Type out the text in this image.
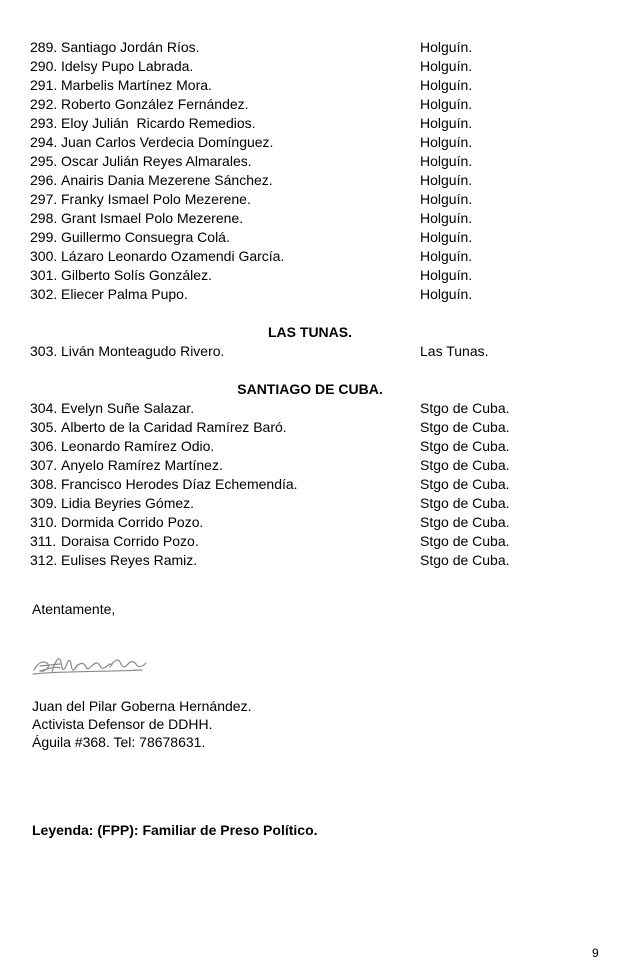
289. Santiago Jordán Ríos.	Holguín.
290. Idelsy Pupo Labrada.	Holguín.
291. Marbelis Martínez Mora.	Holguín.
292. Roberto González Fernández.	Holguín.
293. Eloy Julián  Ricardo Remedios.	Holguín.
294. Juan Carlos Verdecia Domínguez.	Holguín.
295. Oscar Julián Reyes Almarales.	Holguín.
296. Anairis Dania Mezerene Sánchez.	Holguín.
297. Franky Ismael Polo Mezerene.	Holguín.
298. Grant Ismael Polo Mezerene.	Holguín.
299. Guillermo Consuegra Colá.	Holguín.
300. Lázaro Leonardo Ozamendi García.	Holguín.
301. Gilberto Solís González.	Holguín.
302. Eliecer Palma Pupo.	Holguín.
LAS TUNAS.
303. Liván Monteagudo Rivero.	Las Tunas.
SANTIAGO DE CUBA.
304. Evelyn Suñe Salazar.	Stgo de Cuba.
305. Alberto de la Caridad Ramírez Baró.	Stgo de Cuba.
306. Leonardo Ramírez Odio.	Stgo de Cuba.
307. Anyelo Ramírez Martínez.	Stgo de Cuba.
308. Francisco Herodes Díaz Echemendía.	Stgo de Cuba.
309. Lidia Beyries Gómez.	Stgo de Cuba.
310. Dormida Corrido Pozo.	Stgo de Cuba.
311. Doraisa Corrido Pozo.	Stgo de Cuba.
312. Eulises Reyes Ramiz.	Stgo de Cuba.
Atentamente,
Juan del Pilar Goberna Hernández.
Activista Defensor de DDHH.
Águila #368. Tel: 78678631.
Leyenda: (FPP): Familiar de Preso Político.
9
